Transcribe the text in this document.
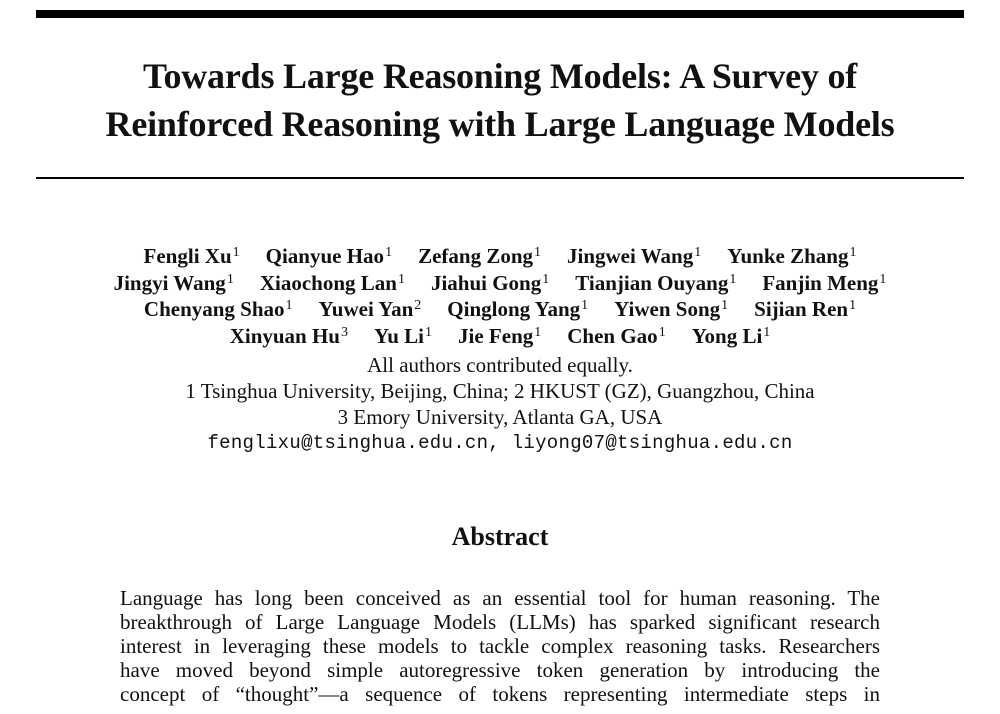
Towards Large Reasoning Models: A Survey of
Reinforced Reasoning with Large Language Models
Fengli Xu$^1$ Qianyue Hao$^1$ Zefang Zong$^1$ Jingwei Wang$^1$ Yunke Zhang$^1$
Jingyi Wang$^1$ Xiaochong Lan$^1$ Jiahui Gong$^1$ Tianjian Ouyang$^1$ Fanjin Meng$^1$
Chenyang Shao$^1$ Yuwei Yan$^2$ Qinglong Yang$^1$ Yiwen Song$^1$ Sijian Ren$^1$
Xinyuan Hu$^3$ Yu Li$^1$ Jie Feng$^1$ Chen Gao$^1$ Yong Li$^1$
All authors contributed equally.
1 Tsinghua University, Beijing, China; 2 HKUST (GZ), Guangzhou, China
3 Emory University, Atlanta GA, USA
fenglixu@tsinghua.edu.cn, liyong07@tsinghua.edu.cn
Abstract
Language has long been conceived as an essential tool for human reasoning. The
breakthrough of Large Language Models (LLMs) has sparked significant research
interest in leveraging these models to tackle complex reasoning tasks. Researchers
have moved beyond simple autoregressive token generation by introducing the
concept of “thought”—a sequence of tokens representing intermediate steps in
